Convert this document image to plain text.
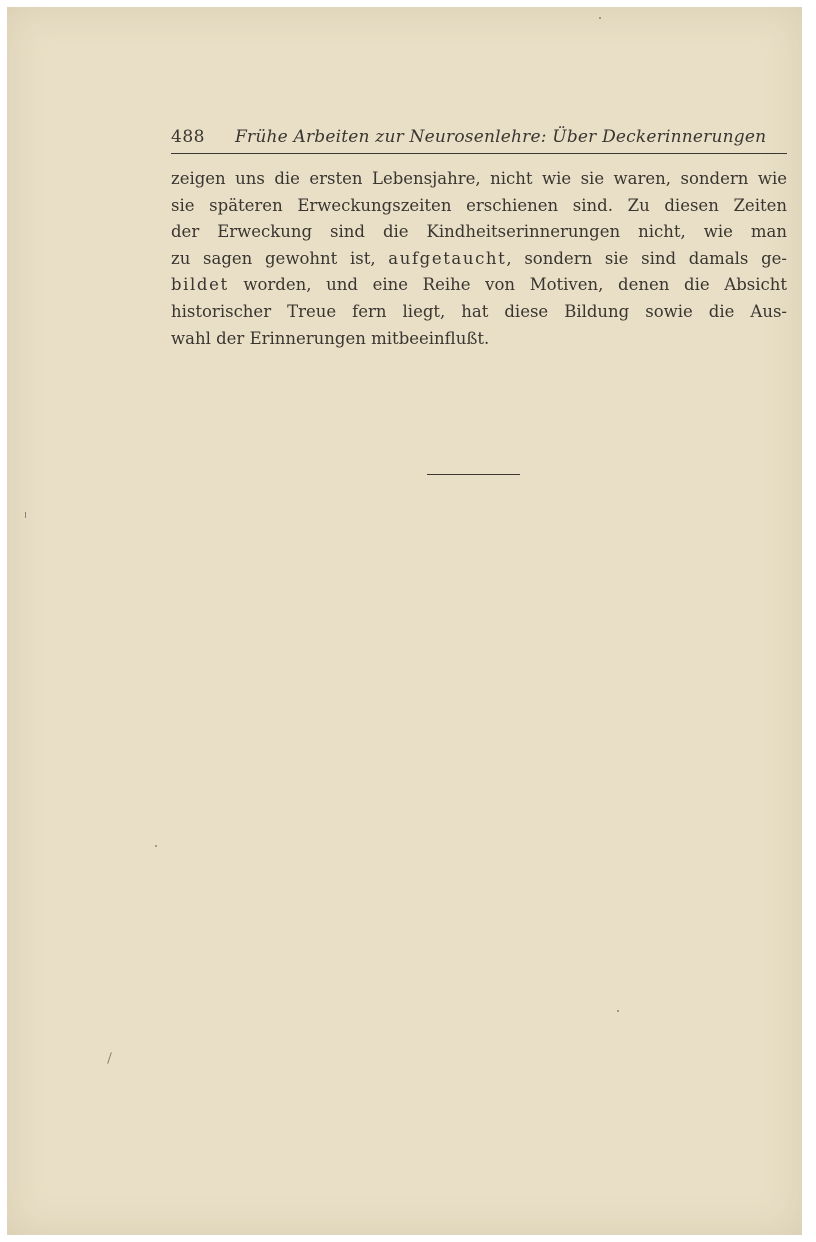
488 Frühe Arbeiten zur Neurosenlehre: Über Deckerinnerungen
zeigen uns die ersten Lebensjahre, nicht wie sie waren, sondern wie
sie späteren Erweckungszeiten erschienen sind. Zu diesen Zeiten
der Erweckung sind die Kindheitserinnerungen nicht, wie man
zu sagen gewohnt ist, aufgetaucht, sondern sie sind damals ge-
bildet worden, und eine Reihe von Motiven, denen die Absicht
historischer Treue fern liegt, hat diese Bildung sowie die Aus-
wahl der Erinnerungen mitbeeinflußt.
